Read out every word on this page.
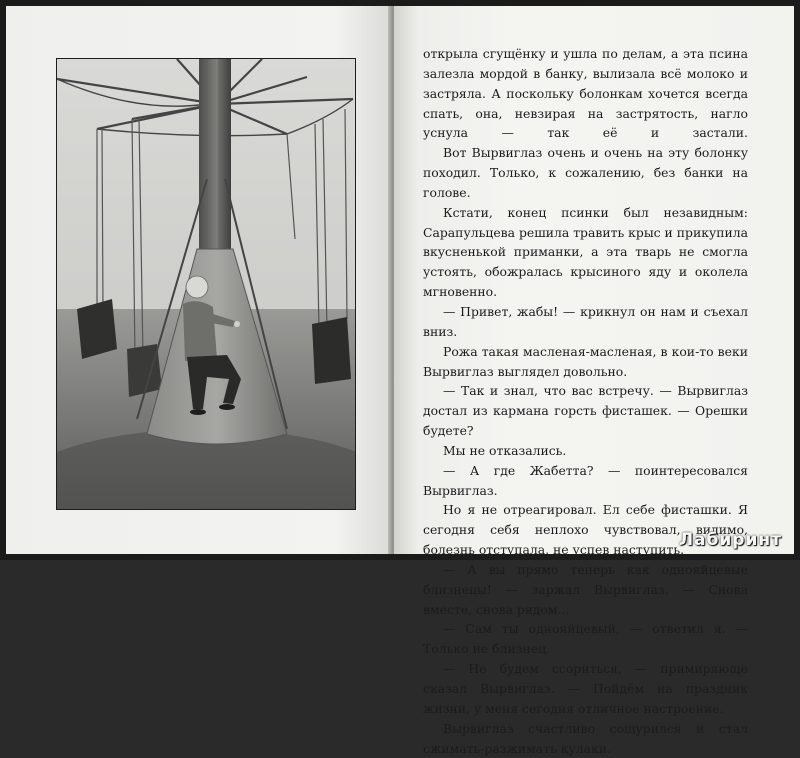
открыла сгущёнку и ушла по делам, а эта псина залезла мордой в банку, вылизала всё молоко и застряла. А поскольку болонкам хочется всегда спать, она, невзирая на застрятость, нагло уснула — так её и застали.

Вот Вырвиглаз очень и очень на эту болонку походил. Только, к сожалению, без банки на голове.

Кстати, конец псинки был незавидным: Сарапульцева решила травить крыс и прикупила вкусненькой приманки, а эта тварь не смогла устоять, обожралась крысиного яду и околела мгновенно.

— Привет, жабы! — крикнул он нам и съехал вниз.

Рожа такая масленая-масленая, в кои-то веки Вырвиглаз выглядел довольно.

— Так и знал, что вас встречу. — Вырвиглаз достал из кармана горсть фисташек. — Орешки будете?

Мы не отказались.

— А где Жабетта? — поинтересовался Вырвиглаз.

Но я не отреагировал. Ел себе фисташки. Я сегодня себя неплохо чувствовал, видимо, болезнь отступала, не успев наступить.

— А вы прямо теперь как однояйцевые близнецы! — заржал Вырвиглаз. — Снова вместе, снова рядом…

— Сам ты однояйцевый, — ответил я. — Только не близнец.

— Не будем ссориться, — примиряюще сказал Вырвиглаз. — Пойдём на праздник жизни, у меня сегодня отличное настроение.

Вырвиглаз счастливо сощурился и стал сжимать-разжимать кулаки.

Лабиринт
